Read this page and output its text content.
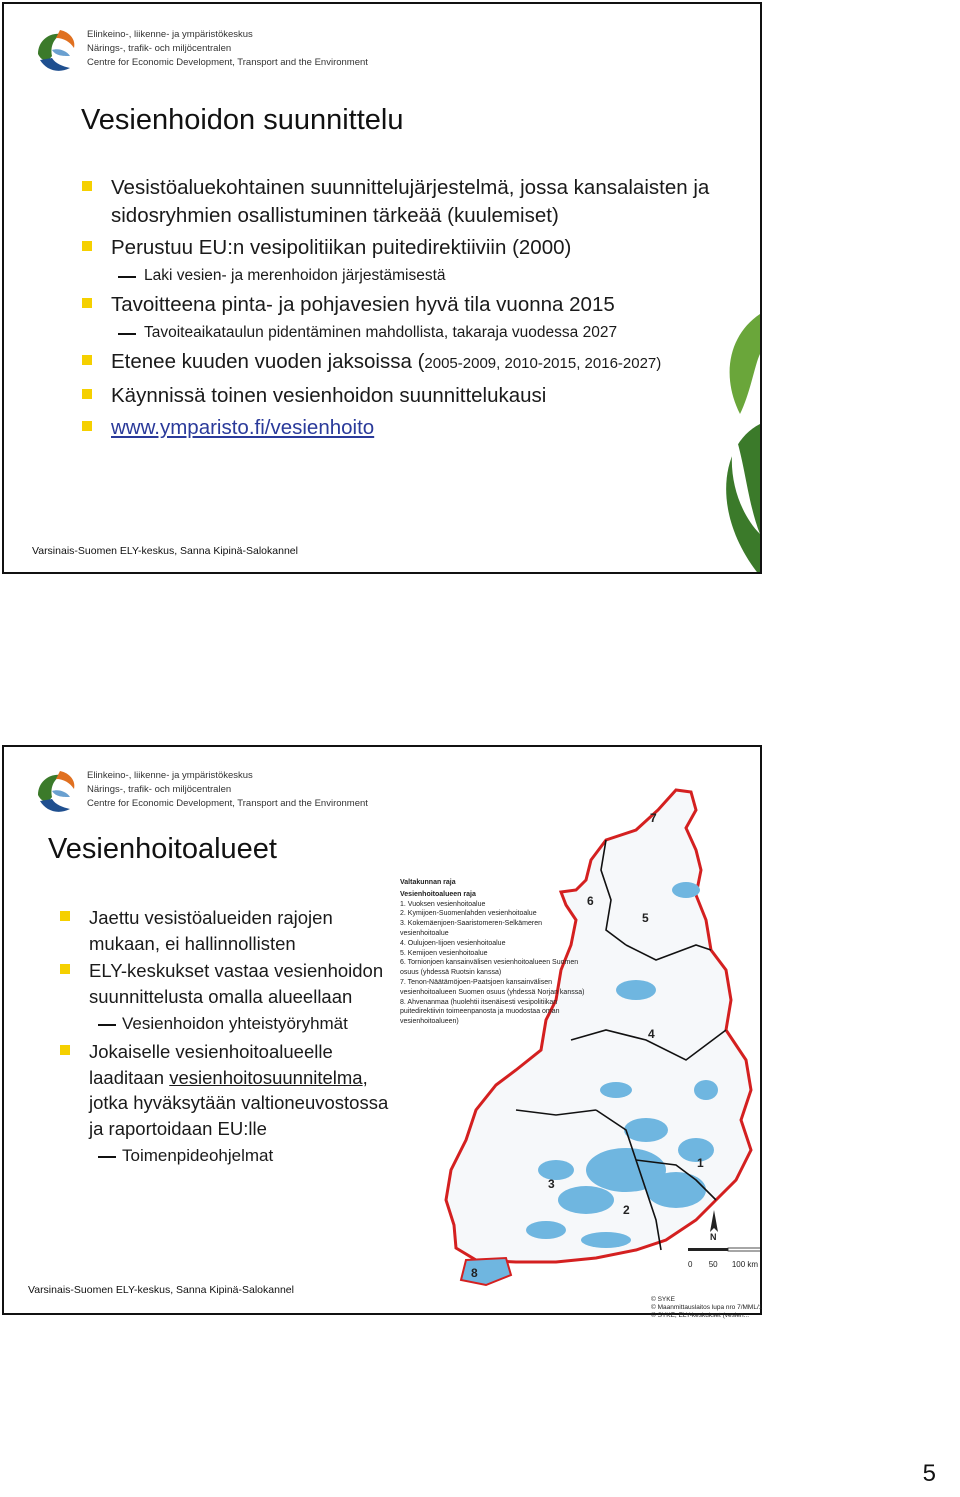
Elinkeino-, liikenne- ja ympäristökeskus
Närings-, trafik- och miljöcentralen
Centre for Economic Development, Transport and the Environment
Vesienhoidon suunnittelu
Vesistöaluekohtainen suunnittelujärjestelmä, jossa kansalaisten ja sidosryhmien osallistuminen tärkeää (kuulemiset)
Perustuu EU:n vesipolitiikan puitedirektiiviin (2000)
Laki vesien- ja merenhoidon järjestämisestä
Tavoitteena pinta- ja pohjavesien hyvä tila vuonna 2015
Tavoiteaikataulun pidentäminen mahdollista, takaraja vuodessa 2027
Etenee kuuden vuoden jaksoissa (2005-2009, 2010-2015, 2016-2027)
Käynnissä toinen vesienhoidon suunnittelukausi
www.ymparisto.fi/vesienhoito
Varsinais-Suomen ELY-keskus, Sanna Kipinä-Salokannel
Elinkeino-, liikenne- ja ympäristökeskus
Närings-, trafik- och miljöcentralen
Centre for Economic Development, Transport and the Environment
Vesienhoitoalueet
Valtakunnan raja
Vesienhoitoalueen raja
1. Vuoksen vesienhoitoalue
2. Kymijoen-Suomenlahden vesienhoitoalue
3. Kokemäenjoen-Saaristomeren-Selkämeren vesienhoitoalue
4. Oulujoen-Iijoen vesienhoitoalue
5. Kemijoen vesienhoitoalue
6. Tornionjoen kansainvälisen vesienhoitoalueen Suomen osuus (yhdessä Ruotsin kanssa)
7. Tenon-Näätämöjoen-Paatsjoen kansainvälisen vesienhoitoalueen Suomen osuus (yhdessä Norjan kanssa)
8. Ahvenanmaa (huolehtii itsenäisesti vesipolitiikan puitedirektiivin toimeenpanosta ja muodostaa oman vesienhoitoalueen)
1
2
3
4
5
6
7
8
N
0 50 100 km
© SYKE
© Maanmittauslaitos lupa nro 7/MML/1
© SYKE, ELY-keskukset (vesien...
Jaettu vesistöalueiden rajojen mukaan, ei hallinnollisten
ELY-keskukset vastaa vesienhoidon suunnittelusta omalla alueellaan
Vesienhoidon yhteistyöryhmät
Jokaiselle vesienhoitoalueelle laaditaan vesienhoitosuunnitelma, jotka hyväksytään valtioneuvostossa ja raportoidaan EU:lle
Toimenpideohjelmat
Varsinais-Suomen ELY-keskus, Sanna Kipinä-Salokannel
5
